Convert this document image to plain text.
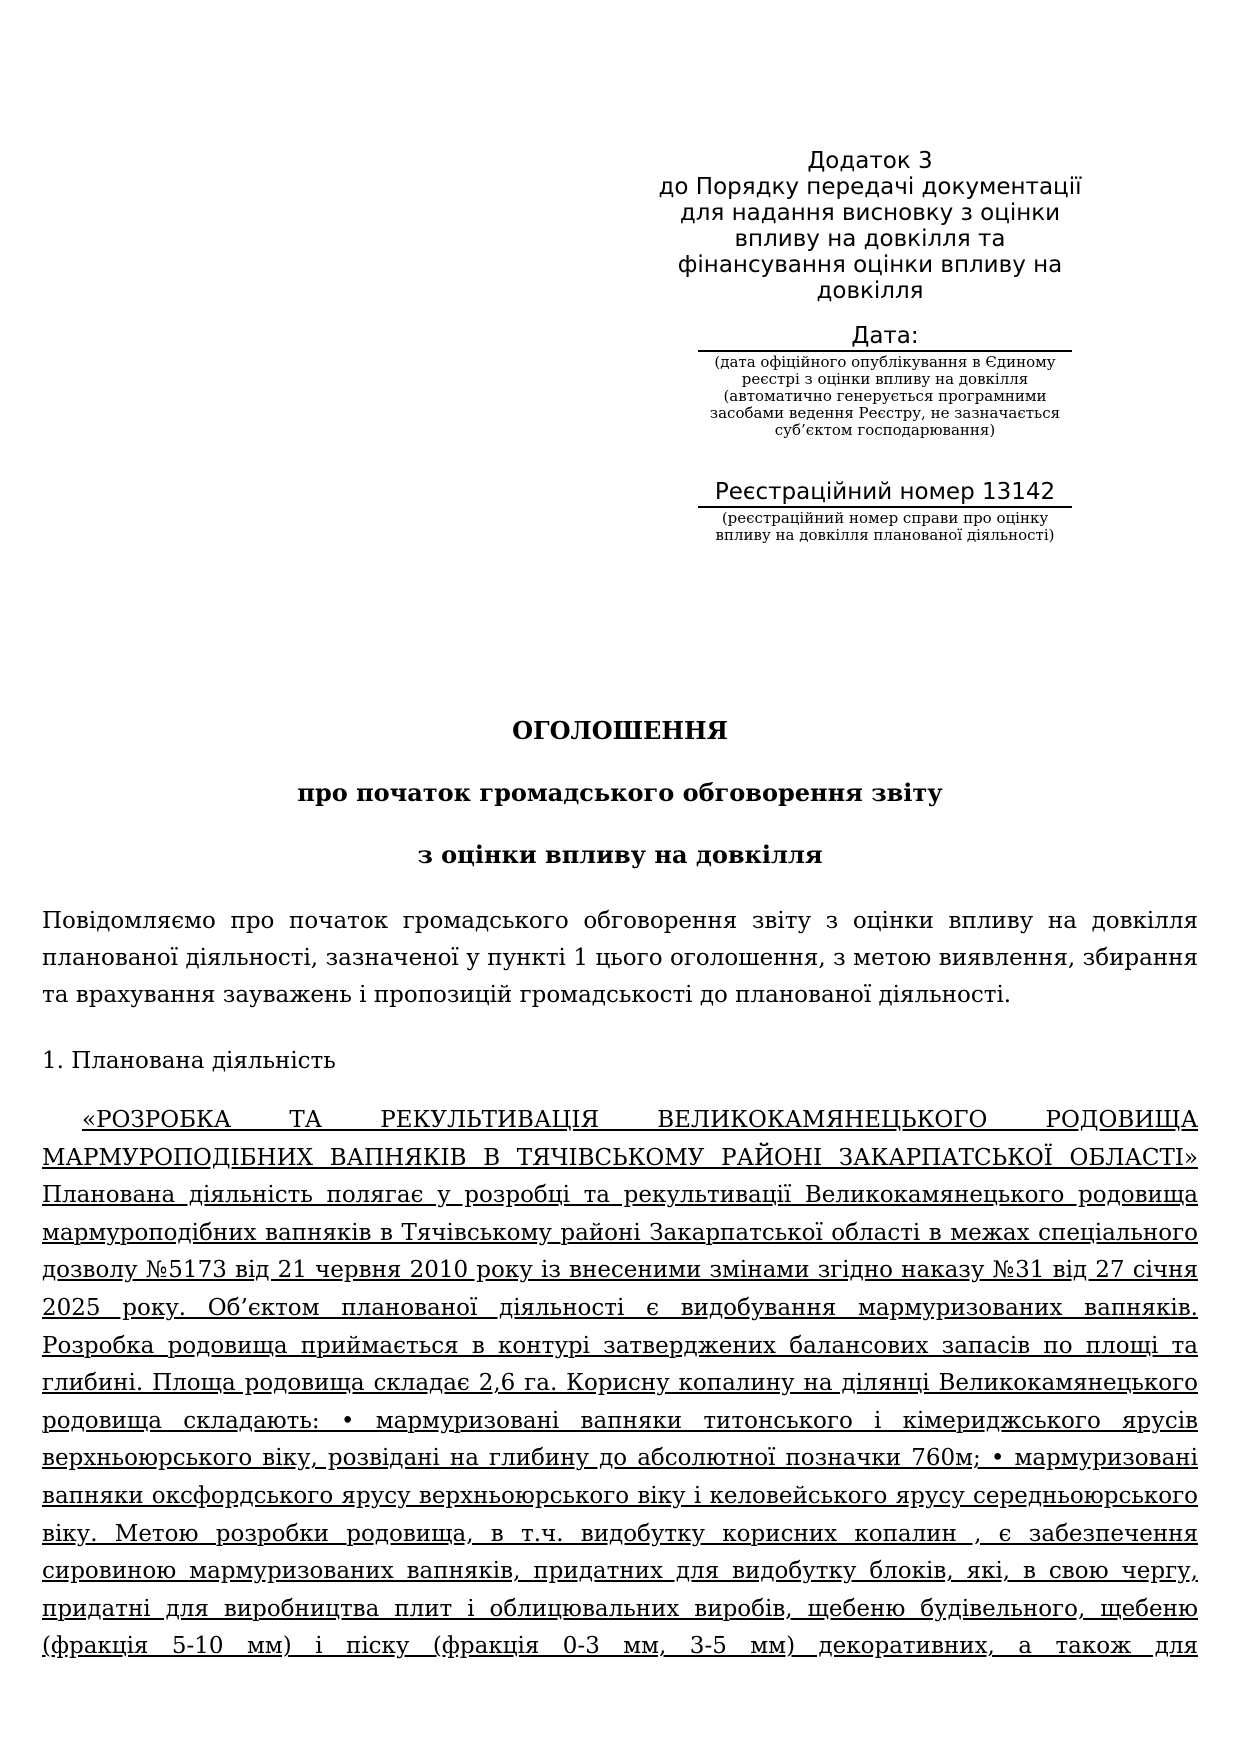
Додаток 3
до Порядку передачі документації
для надання висновку з оцінки
впливу на довкілля та
фінансування оцінки впливу на
довкілля
Дата:
(дата офіційного опублікування в Єдиному реєстрі з оцінки впливу на довкілля (автоматично генерується програмними засобами ведення Реєстру, не зазначається суб’єктом господарювання)
Реєстраційний номер 13142
(реєстраційний номер справи про оцінку впливу на довкілля планованої діяльності)
ОГОЛОШЕННЯ
про початок громадського обговорення звіту
з оцінки впливу на довкілля
Повідомляємо про початок громадського обговорення звіту з оцінки впливу на довкілля планованої діяльності, зазначеної у пункті 1 цього оголошення, з метою виявлення, збирання та врахування зауважень і пропозицій громадськості до планованої діяльності.
1. Планована діяльність
«РОЗРОБКА ТА РЕКУЛЬТИВАЦІЯ ВЕЛИКОКАМЯНЕЦЬКОГО РОДОВИЩА МАРМУРОПОДІБНИХ ВАПНЯКІВ В ТЯЧІВСЬКОМУ РАЙОНІ ЗАКАРПАТСЬКОЇ ОБЛАСТІ» Планована діяльність полягає у розробці та рекультивації Великокамянецького родовища мармуроподібних вапняків в Тячівському районі Закарпатської області в межах спеціального дозволу №5173 від 21 червня 2010 року із внесеними змінами згідно наказу №31 від 27 січня 2025 року. Об’єктом планованої діяльності є видобування мармуризованих вапняків. Розробка родовища приймається в контурі затверджених балансових запасів по площі та глибині. Площа родовища складає 2,6 га. Корисну копалину на ділянці Великокамянецького родовища складають: • мармуризовані вапняки титонського і кімериджського ярусів верхньоюрського віку, розвідані на глибину до абсолютної позначки 760м; • мармуризовані вапняки оксфордського ярусу верхньоюрського віку і келовейського ярусу середньоюрського віку. Метою розробки родовища, в т.ч. видобутку корисних копалин , є забезпечення сировиною мармуризованих вапняків, придатних для видобутку блоків, які, в свою чергу, придатні для виробництва плит і облицювальних виробів, щебеню будівельного, щебеню (фракція 5-10 мм) і піску (фракція 0-3 мм, 3-5 мм) декоративних, а також для
